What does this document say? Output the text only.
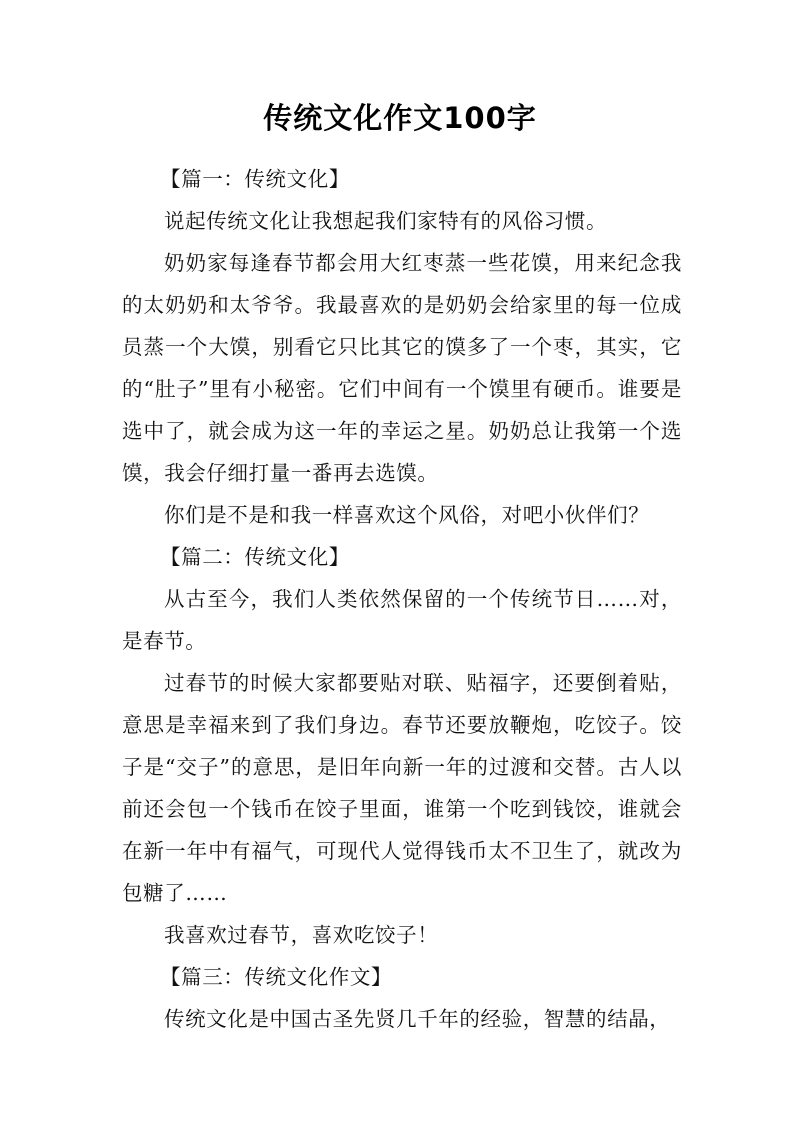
传统文化作文100字

【篇一：传统文化】

说起传统文化让我想起我们家特有的风俗习惯。

奶奶家每逢春节都会用大红枣蒸一些花馍，用来纪念我的太奶奶和太爷爷。我最喜欢的是奶奶会给家里的每一位成员蒸一个大馍，别看它只比其它的馍多了一个枣，其实，它的“肚子”里有小秘密。它们中间有一个馍里有硬币。谁要是选中了，就会成为这一年的幸运之星。奶奶总让我第一个选馍，我会仔细打量一番再去选馍。

你们是不是和我一样喜欢这个风俗，对吧小伙伴们？

【篇二：传统文化】

从古至今，我们人类依然保留的一个传统节日……对，是春节。

过春节的时候大家都要贴对联、贴福字，还要倒着贴，意思是幸福来到了我们身边。春节还要放鞭炮，吃饺子。饺子是“交子”的意思，是旧年向新一年的过渡和交替。古人以前还会包一个钱币在饺子里面，谁第一个吃到钱饺，谁就会在新一年中有福气，可现代人觉得钱币太不卫生了，就改为包糖了……

我喜欢过春节，喜欢吃饺子！

【篇三：传统文化作文】

传统文化是中国古圣先贤几千年的经验，智慧的结晶，
